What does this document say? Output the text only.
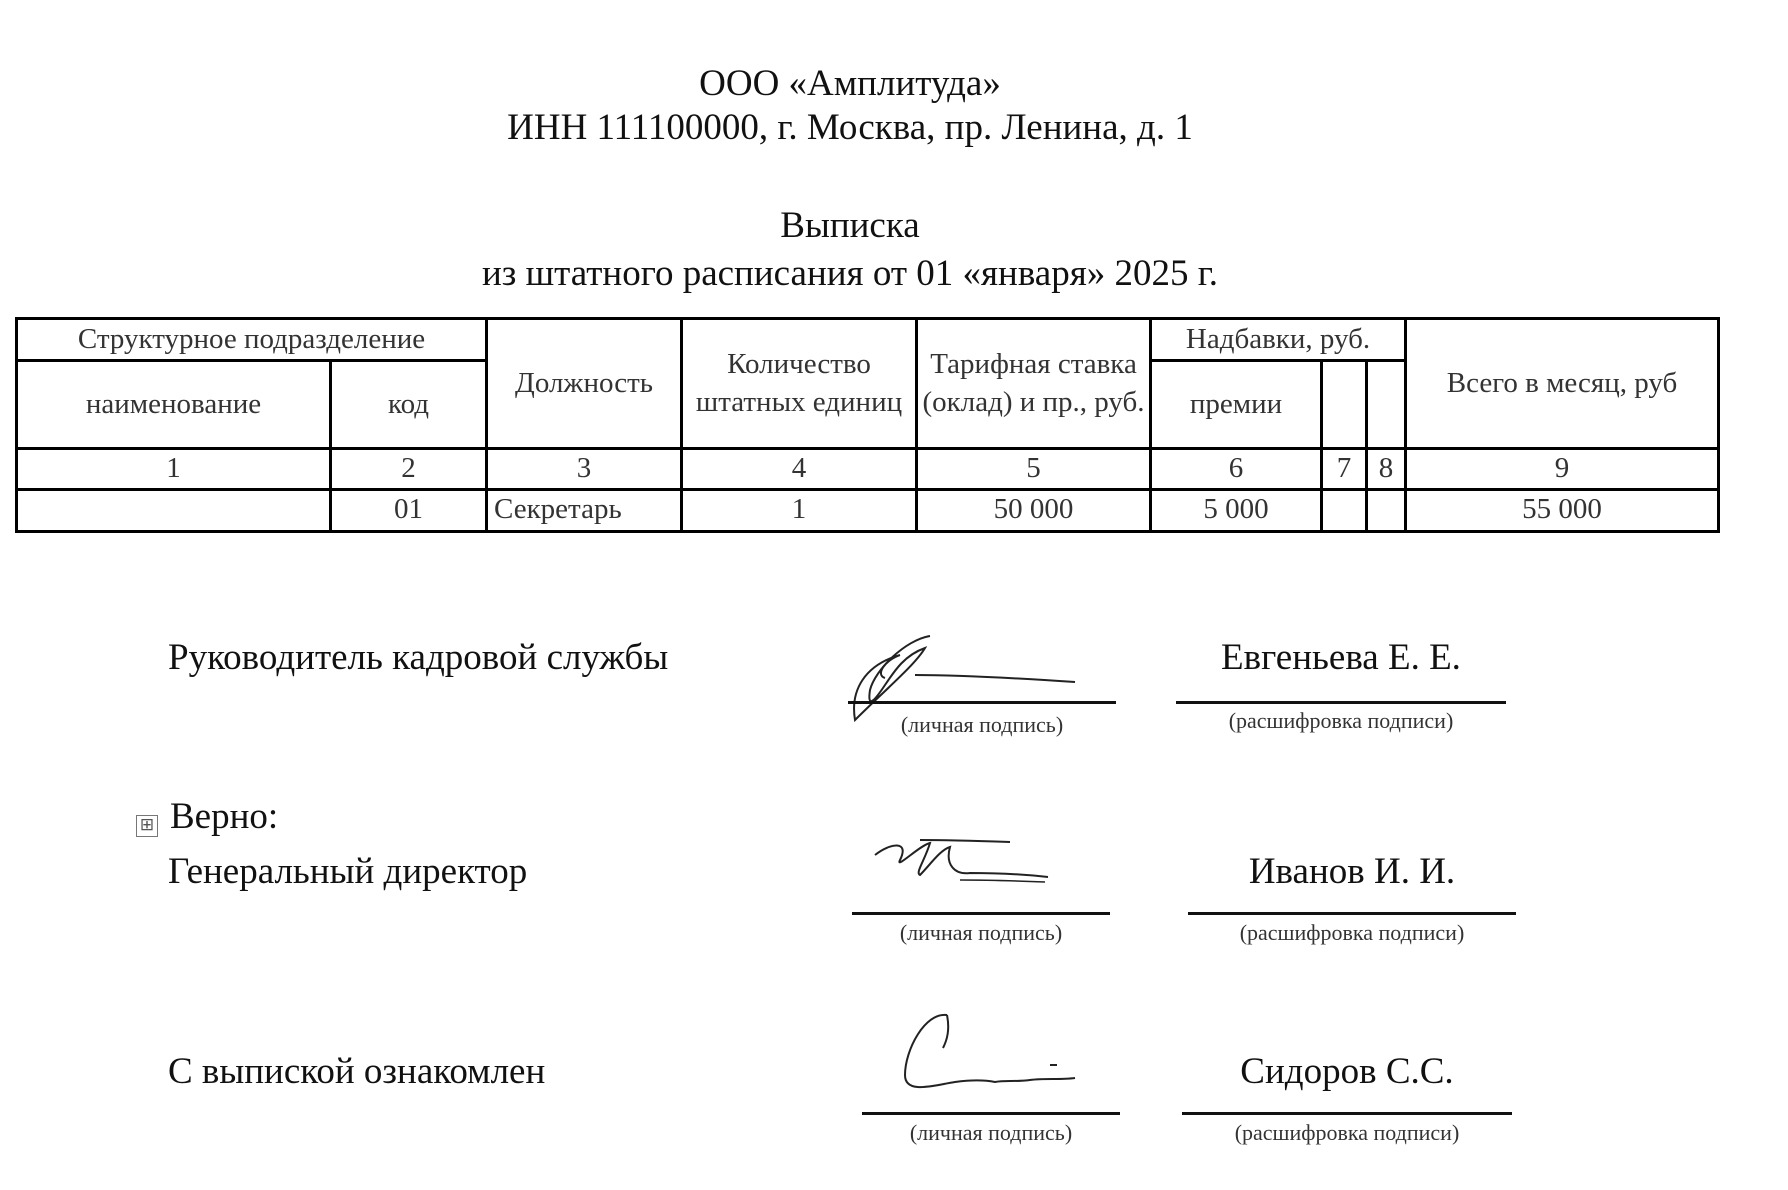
ООО «Амплитуда»
ИНН 111100000, г. Москва, пр. Ленина, д. 1
Выписка
из штатного расписания от 01 «января» 2025 г.
Структурное подразделение		Должность	Количество штатных единиц	Тарифная ставка (оклад) и пр., руб.	Надбавки, руб.			Всего в месяц, руб
наименование	код				премии			
1	2	3	4	5	6	7	8	9
	01	Секретарь	1	50 000	5 000			55 000
Руководитель кадровой службы
(личная подпись)
Евгеньева Е. Е.
(расшифровка подписи)
⊞ Верно:
Генеральный директор
(личная подпись)
Иванов И. И.
(расшифровка подписи)
С выпиской ознакомлен
(личная подпись)
Сидоров С.С.
(расшифровка подписи)
